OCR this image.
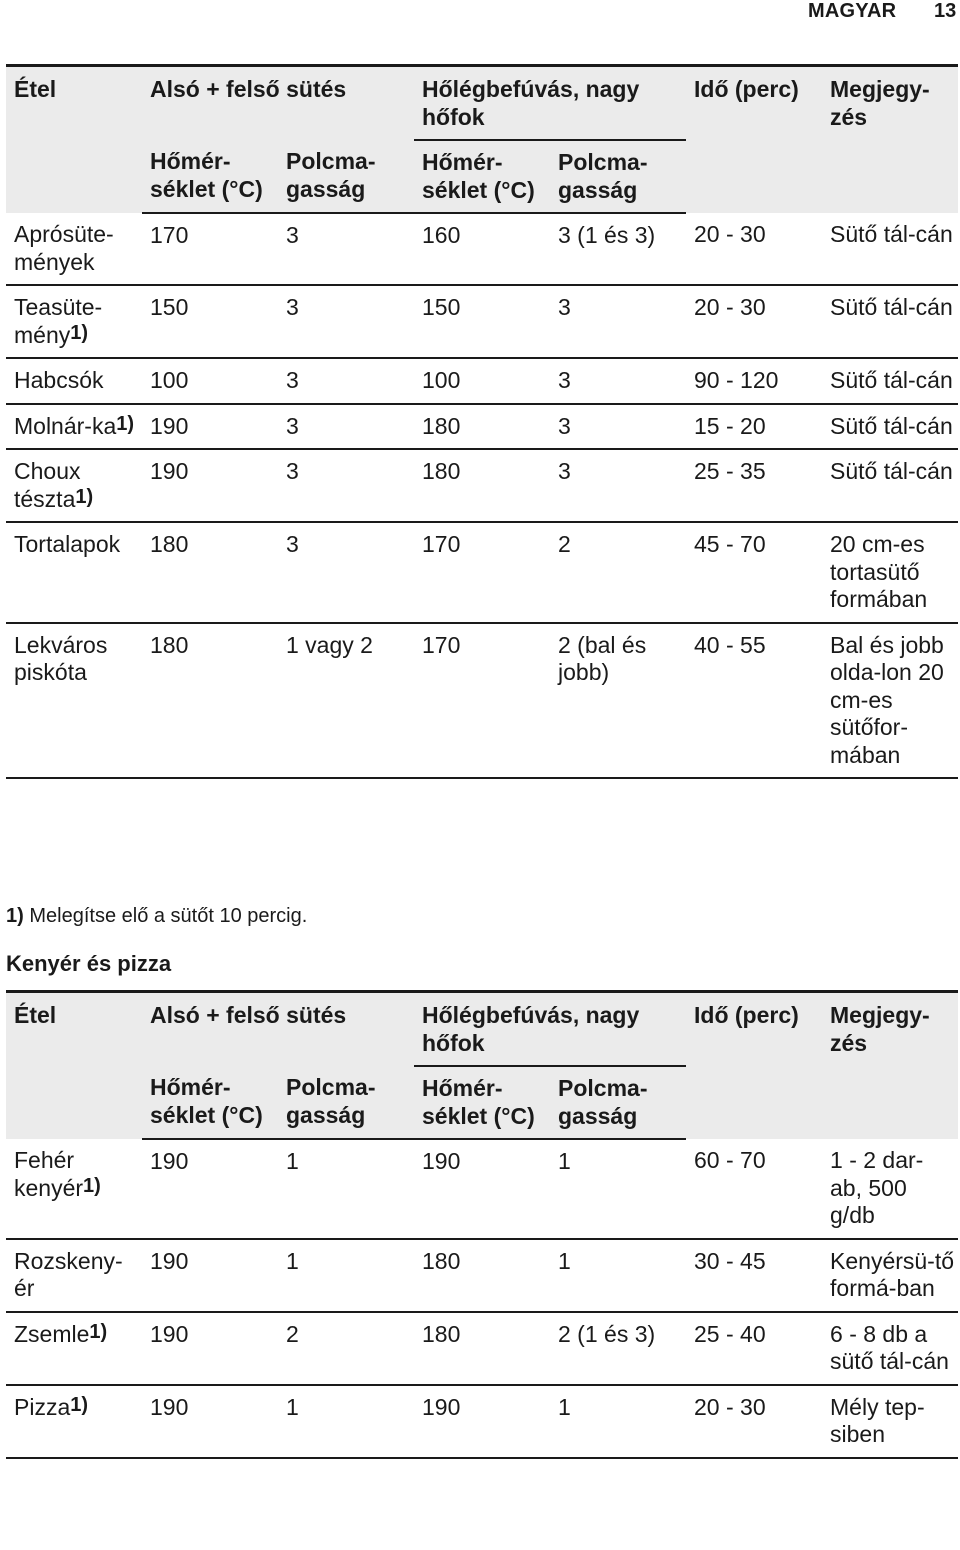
MAGYAR 13
Étel	Alsó + felső sütés		Hőlégbefúvás, nagy hőfok		Idő (perc)	Megjegy-zés
	Hőmér-séklet (°C)	Polcma-gasság	Hőmér-séklet (°C)	Polcma-gasság		
Aprósüte-mények	170	3	160	3 (1 és 3)	20 - 30	Sütő tál-cán
Teasüte-mény$^{1)}$	150	3	150	3	20 - 30	Sütő tál-cán
Habcsók	100	3	100	3	90 - 120	Sütő tál-cán
Molnár-ka$^{1)}$	190	3	180	3	15 - 20	Sütő tál-cán
Choux tészta$^{1)}$	190	3	180	3	25 - 35	Sütő tál-cán
Tortalapok	180	3	170	2	45 - 70	20 cm-es tortasütő formában
Lekváros piskóta	180	1 vagy 2	170	2 (bal és jobb)	40 - 55	Bal és jobb olda-lon 20 cm-es sütőfor-mában
1) Melegítse elő a sütőt 10 percig.
Kenyér és pizza
Étel	Alsó + felső sütés		Hőlégbefúvás, nagy hőfok		Idő (perc)	Megjegy-zés
	Hőmér-séklet (°C)	Polcma-gasság	Hőmér-séklet (°C)	Polcma-gasság		
Fehér kenyér$^{1)}$	190	1	190	1	60 - 70	1 - 2 dar-ab, 500 g/db
Rozskeny-ér	190	1	180	1	30 - 45	Kenyérsü-tő formá-ban
Zsemle$^{1)}$	190	2	180	2 (1 és 3)	25 - 40	6 - 8 db a sütő tál-cán
Pizza$^{1)}$	190	1	190	1	20 - 30	Mély tep-siben
